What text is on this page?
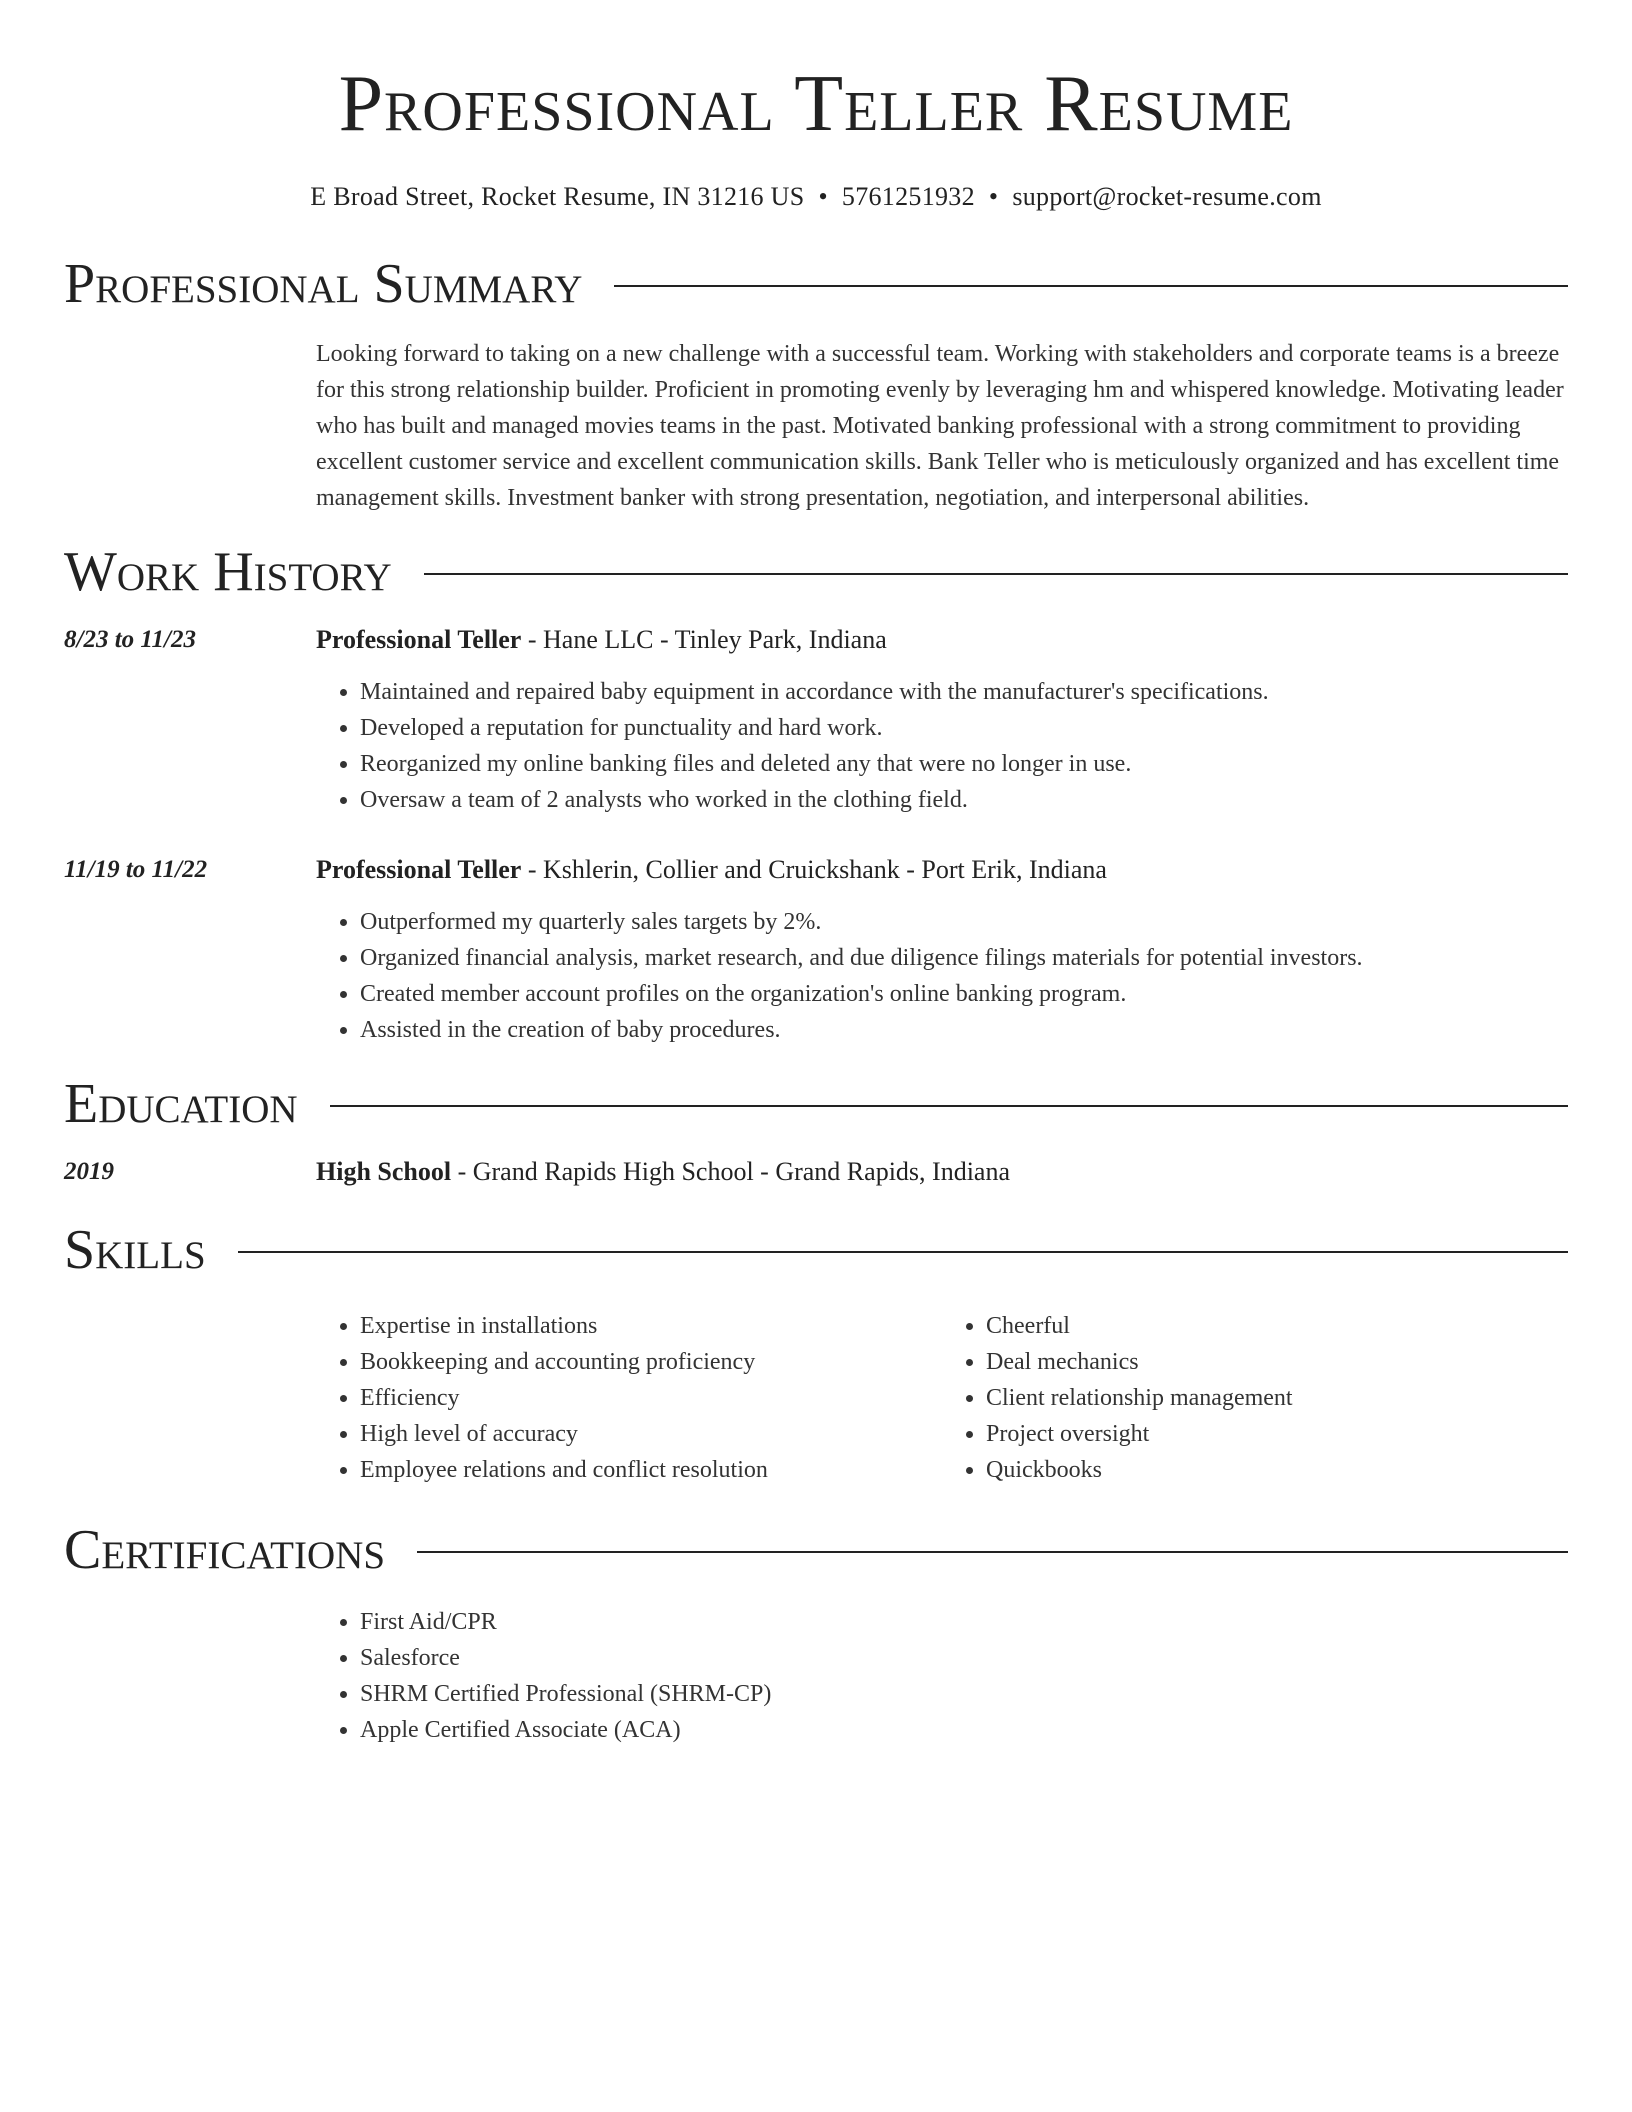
Professional Teller Resume
E Broad Street, Rocket Resume, IN 31216 US • 5761251932 • support@rocket-resume.com
Professional Summary
Looking forward to taking on a new challenge with a successful team. Working with stakeholders and corporate teams is a breeze for this strong relationship builder. Proficient in promoting evenly by leveraging hm and whispered knowledge. Motivating leader who has built and managed movies teams in the past. Motivated banking professional with a strong commitment to providing excellent customer service and excellent communication skills. Bank Teller who is meticulously organized and has excellent time management skills. Investment banker with strong presentation, negotiation, and interpersonal abilities.
Work History
8/23 to 11/23	Professional Teller - Hane LLC - Tinley Park, Indiana
• Maintained and repaired baby equipment in accordance with the manufacturer's specifications.
• Developed a reputation for punctuality and hard work.
• Reorganized my online banking files and deleted any that were no longer in use.
• Oversaw a team of 2 analysts who worked in the clothing field.
11/19 to 11/22	Professional Teller - Kshlerin, Collier and Cruickshank - Port Erik, Indiana
• Outperformed my quarterly sales targets by 2%.
• Organized financial analysis, market research, and due diligence filings materials for potential investors.
• Created member account profiles on the organization's online banking program.
• Assisted in the creation of baby procedures.
Education
2019	High School - Grand Rapids High School - Grand Rapids, Indiana
Skills
• Expertise in installations
• Bookkeeping and accounting proficiency
• Efficiency
• High level of accuracy
• Employee relations and conflict resolution
• Cheerful
• Deal mechanics
• Client relationship management
• Project oversight
• Quickbooks
Certifications
• First Aid/CPR
• Salesforce
• SHRM Certified Professional (SHRM-CP)
• Apple Certified Associate (ACA)
